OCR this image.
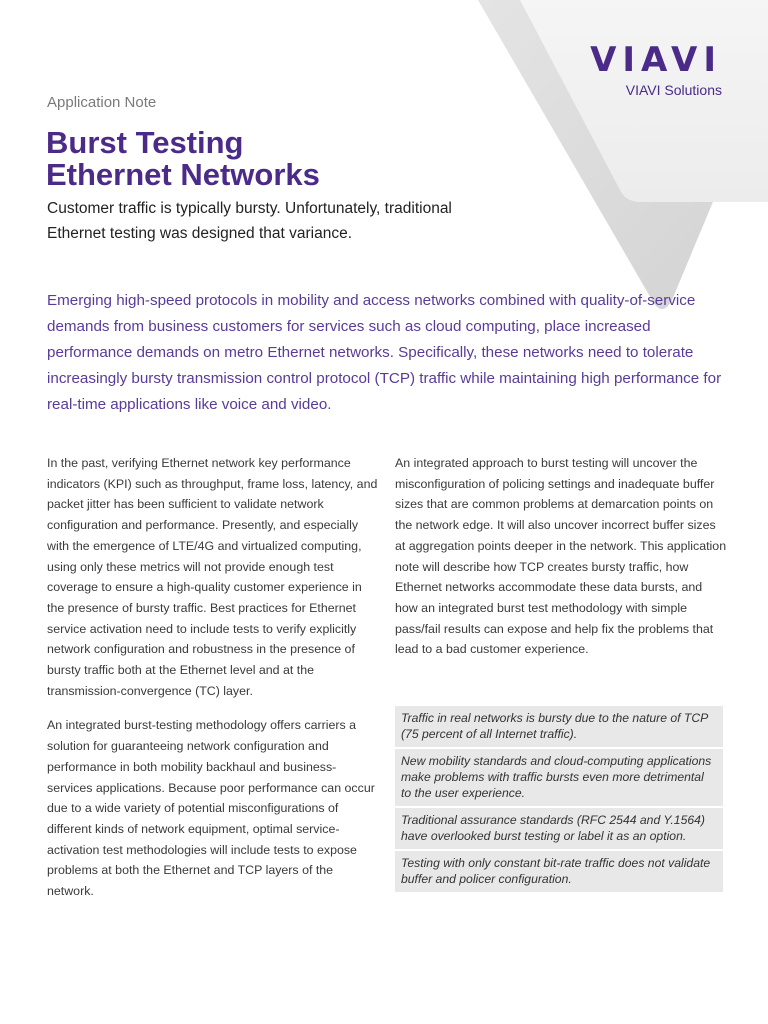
VIAVI
VIAVI Solutions
Application Note
Burst Testing
Ethernet Networks
Customer traffic is typically bursty. Unfortunately, traditional Ethernet testing was designed that variance.
Emerging high-speed protocols in mobility and access networks combined with quality-of-service demands from business customers for services such as cloud computing, place increased performance demands on metro Ethernet networks. Specifically, these networks need to tolerate increasingly bursty transmission control protocol (TCP) traffic while maintaining high performance for real-time applications like voice and video.

In the past, verifying Ethernet network key performance indicators (KPI) such as throughput, frame loss, latency, and packet jitter has been sufficient to validate network configuration and performance. Presently, and especially with the emergence of LTE/4G and virtualized computing, using only these metrics will not provide enough test coverage to ensure a high-quality customer experience in the presence of bursty traffic. Best practices for Ethernet service activation need to include tests to verify explicitly network configuration and robustness in the presence of bursty traffic both at the Ethernet level and at the transmission-convergence (TC) layer.

An integrated burst-testing methodology offers carriers a solution for guaranteeing network configuration and performance in both mobility backhaul and business-services applications. Because poor performance can occur due to a wide variety of potential misconfigurations of different kinds of network equipment, optimal service-activation test methodologies will include tests to expose problems at both the Ethernet and TCP layers of the network.

An integrated approach to burst testing will uncover the misconfiguration of policing settings and inadequate buffer sizes that are common problems at demarcation points on the network edge. It will also uncover incorrect buffer sizes at aggregation points deeper in the network. This application note will describe how TCP creates bursty traffic, how Ethernet networks accommodate these data bursts, and how an integrated burst test methodology with simple pass/fail results can expose and help fix the problems that lead to a bad customer experience.

Traffic in real networks is bursty due to the nature of TCP (75 percent of all Internet traffic).
New mobility standards and cloud-computing applications make problems with traffic bursts even more detrimental to the user experience.
Traditional assurance standards (RFC 2544 and Y.1564) have overlooked burst testing or label it as an option.
Testing with only constant bit-rate traffic does not validate buffer and policer configuration.
